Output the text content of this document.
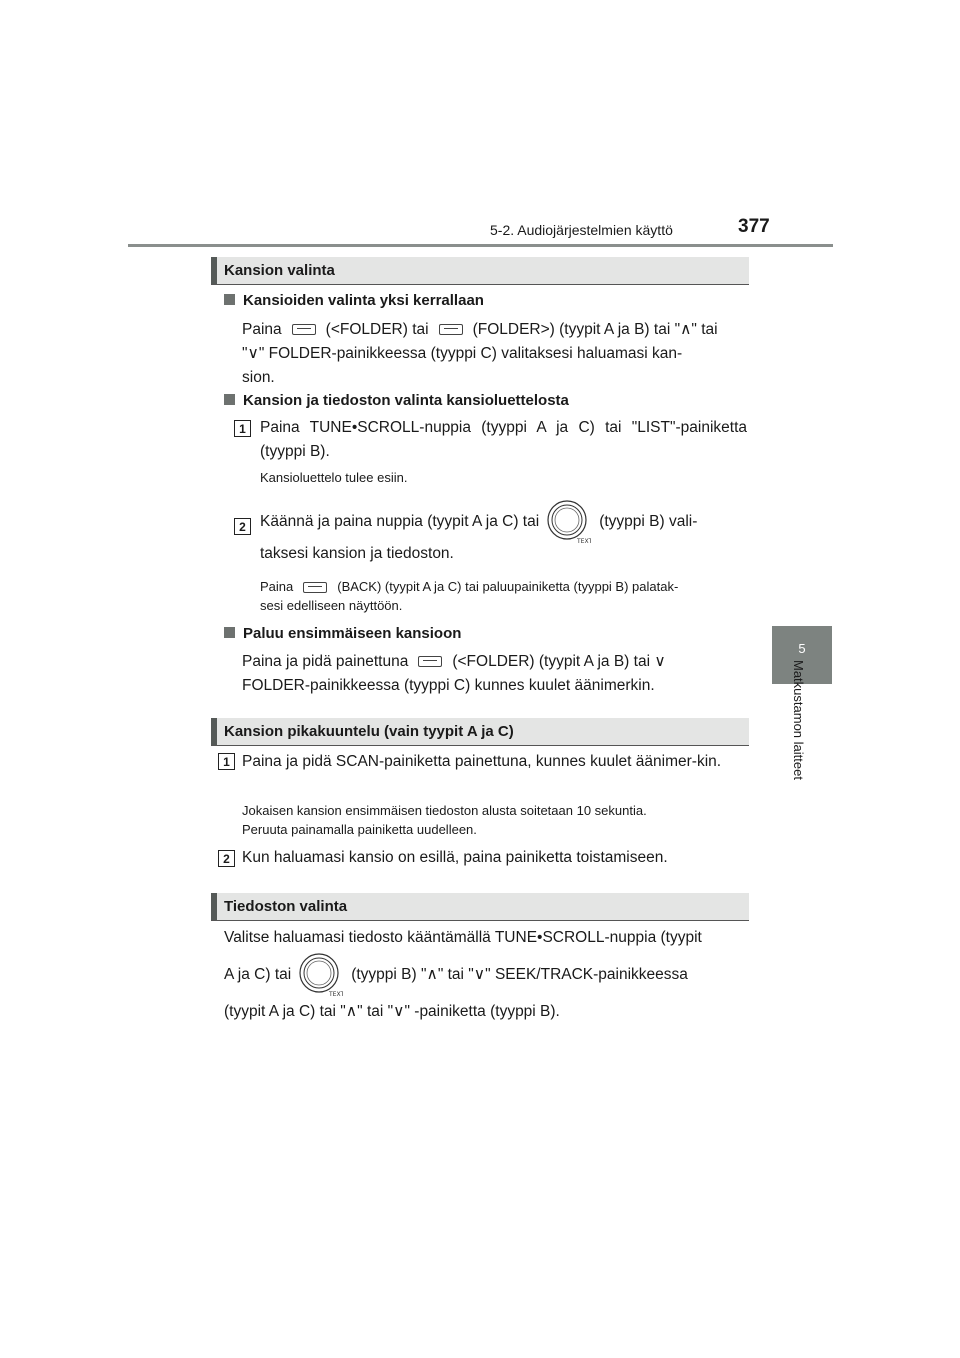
5-2. Audiojärjestelmien käyttö	377
5
Matkustamon laitteet
Kansion valinta
Kansioiden valinta yksi kerrallaan
Paina	(<FOLDER) tai	(FOLDER>) (tyypit A ja B) tai "∧" tai
"∨" FOLDER-painikkeessa (tyyppi C) valitaksesi haluamasi kan-
sion.
Kansion ja tiedoston valinta kansioluettelosta
1 Paina TUNE•SCROLL-nuppia (tyyppi A ja C) tai "LIST"-painiketta (tyyppi B).
Kansioluettelo tulee esiin.
2 Käännä ja paina nuppia (tyypit A ja C) tai
TEXT
(tyyppi B) vali-
taksesi kansion ja tiedoston.
Paina	(BACK) (tyypit A ja C) tai paluupainiketta (tyyppi B) palatak-
sesi edelliseen näyttöön.
Paluu ensimmäiseen kansioon
Paina ja pidä painettuna	(<FOLDER) (tyypit A ja B) tai ∨
FOLDER-painikkeessa (tyyppi C) kunnes kuulet äänimerkin.
Kansion pikakuuntelu (vain tyypit A ja C)
1 Paina ja pidä SCAN-painiketta painettuna, kunnes kuulet äänimer-kin.
Jokaisen kansion ensimmäisen tiedoston alusta soitetaan 10 sekuntia.
Peruuta painamalla painiketta uudelleen.
2 Kun haluamasi kansio on esillä, paina painiketta toistamiseen.
Tiedoston valinta
Valitse haluamasi tiedosto kääntämällä TUNE•SCROLL-nuppia (tyypit
A ja C) tai
TEXT
(tyyppi B) "∧" tai "∨" SEEK/TRACK-painikkeessa
(tyypit A ja C) tai "∧" tai "∨" -painiketta (tyyppi B).
